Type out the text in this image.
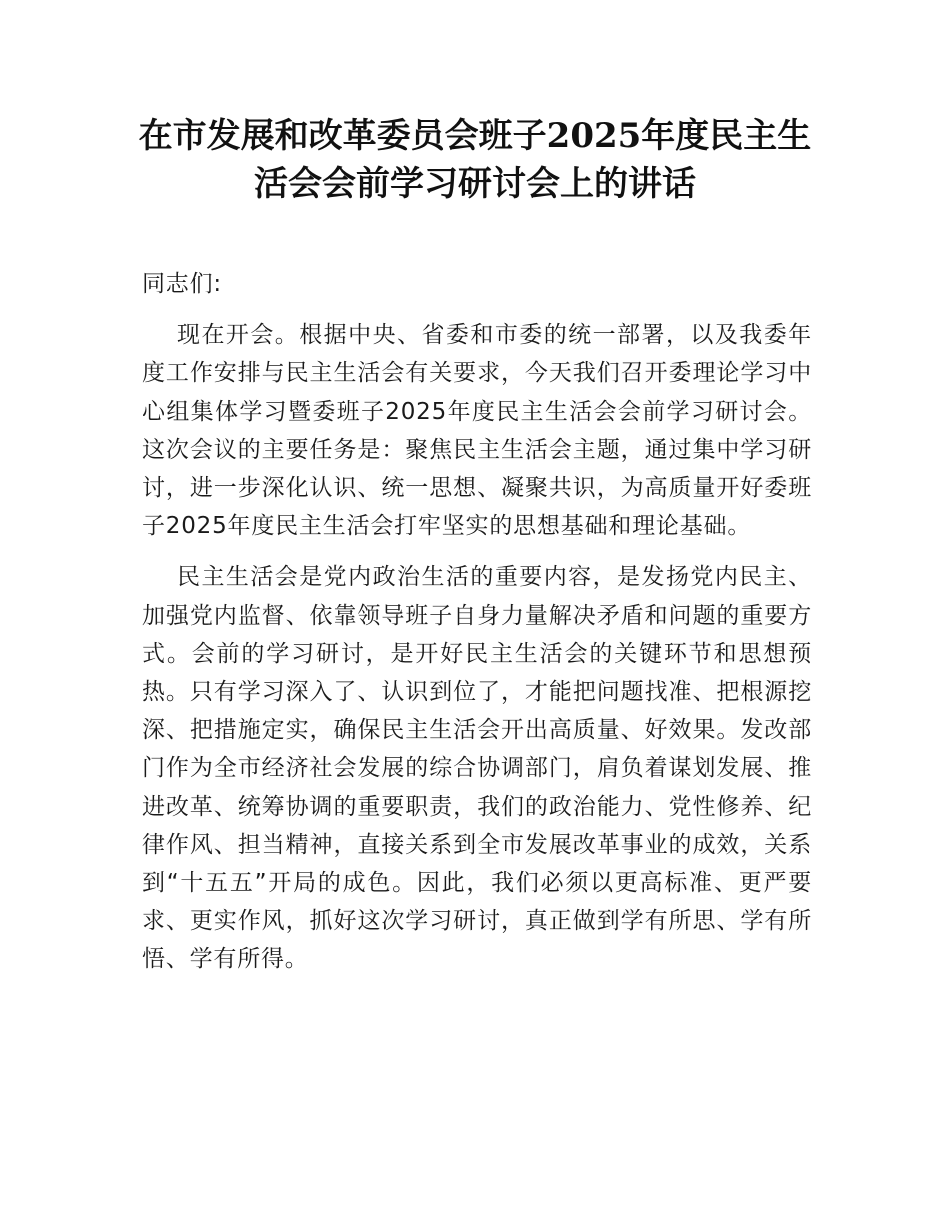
在市发展和改革委员会班子2025年度民主生
活会会前学习研讨会上的讲话

同志们:

现在开会。根据中央、省委和市委的统一部署，以及我委年度工作安排与民主生活会有关要求，今天我们召开委理论学习中心组集体学习暨委班子2025年度民主生活会会前学习研讨会。这次会议的主要任务是：聚焦民主生活会主题，通过集中学习研讨，进一步深化认识、统一思想、凝聚共识，为高质量开好委班子2025年度民主生活会打牢坚实的思想基础和理论基础。

民主生活会是党内政治生活的重要内容，是发扬党内民主、加强党内监督、依靠领导班子自身力量解决矛盾和问题的重要方式。会前的学习研讨，是开好民主生活会的关键环节和思想预热。只有学习深入了、认识到位了，才能把问题找准、把根源挖深、把措施定实，确保民主生活会开出高质量、好效果。发改部门作为全市经济社会发展的综合协调部门，肩负着谋划发展、推进改革、统筹协调的重要职责，我们的政治能力、党性修养、纪律作风、担当精神，直接关系到全市发展改革事业的成效，关系到“十五五”开局的成色。因此，我们必须以更高标准、更严要求、更实作风，抓好这次学习研讨，真正做到学有所思、学有所悟、学有所得。
